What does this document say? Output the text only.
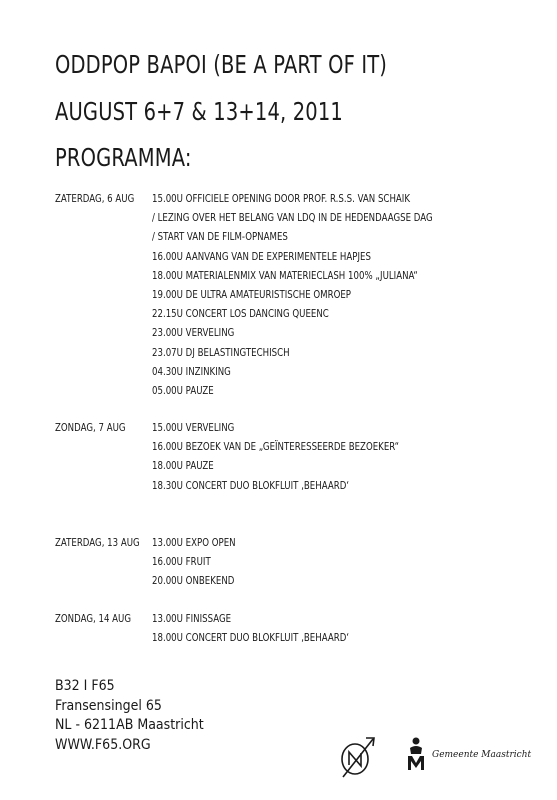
ODDPOP BAPOI (BE A PART OF IT)
AUGUST 6+7 & 13+14, 2011
PROGRAMMA:
ZATERDAG, 6 AUG 15.00U OFFICIELE OPENING DOOR PROF. R.S.S. VAN SCHAIK
/ LEZING OVER HET BELANG VAN LDQ IN DE HEDENDAAGSE DAG
/ START VAN DE FILM-OPNAMES
16.00U AANVANG VAN DE EXPERIMENTELE HAPJES
18.00U MATERIALENMIX VAN MATERIECLASH 100% „JULIANA“
19.00U DE ULTRA AMATEURISTISCHE OMROEP
22.15U CONCERT LOS DANCING QUEENC
23.00U VERVELING
23.07U DJ BELASTINGTECHISCH
04.30U INZINKING
05.00U PAUZE
ZONDAG, 7 AUG	15.00U VERVELING
16.00U BEZOEK VAN DE „GEÏNTERESSEERDE BEZOEKER“
18.00U PAUZE
18.30U CONCERT DUO BLOKFLUIT ‚BEHAARD‘
ZATERDAG, 13 AUG 13.00U EXPO OPEN
16.00U FRUIT
20.00U ONBEKEND
ZONDAG, 14 AUG 13.00U FINISSAGE
18.00U CONCERT DUO BLOKFLUIT ‚BEHAARD‘
B32 I F65
Fransensingel 65
NL - 6211AB Maastricht
WWW.F65.ORG
Gemeente Maastricht
